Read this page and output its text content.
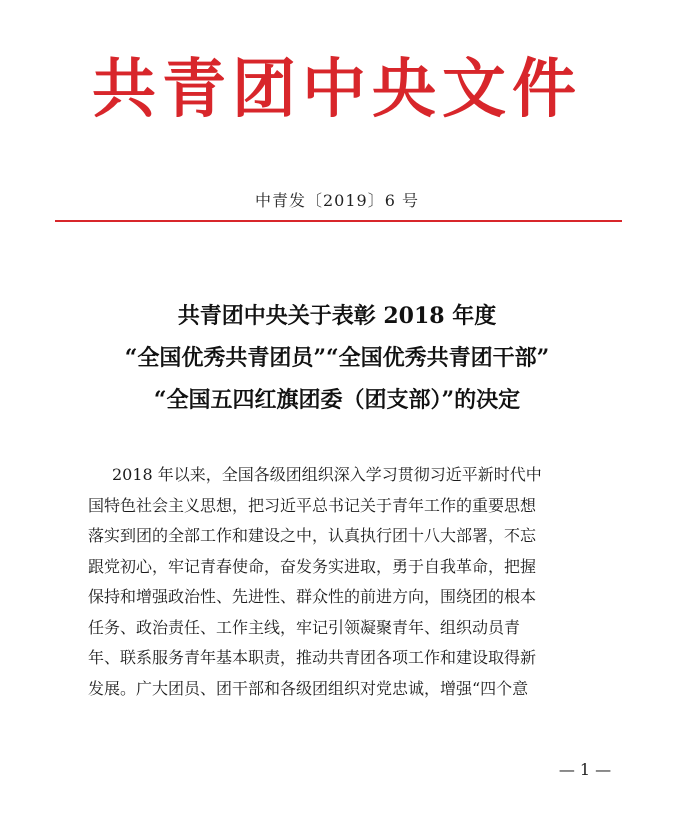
共青团中央文件
中青发〔2019〕6 号
共青团中央关于表彰 2018 年度
“全国优秀共青团员”“全国优秀共青团干部”
“全国五四红旗团委（团支部）”的决定
2018 年以来，全国各级团组织深入学习贯彻习近平新时代中
国特色社会主义思想，把习近平总书记关于青年工作的重要思想
落实到团的全部工作和建设之中，认真执行团十八大部署，不忘
跟党初心，牢记青春使命，奋发务实进取，勇于自我革命，把握
保持和增强政治性、先进性、群众性的前进方向，围绕团的根本
任务、政治责任、工作主线，牢记引领凝聚青年、组织动员青
年、联系服务青年基本职责，推动共青团各项工作和建设取得新
发展。广大团员、团干部和各级团组织对党忠诚，增强“四个意
— 1 —
